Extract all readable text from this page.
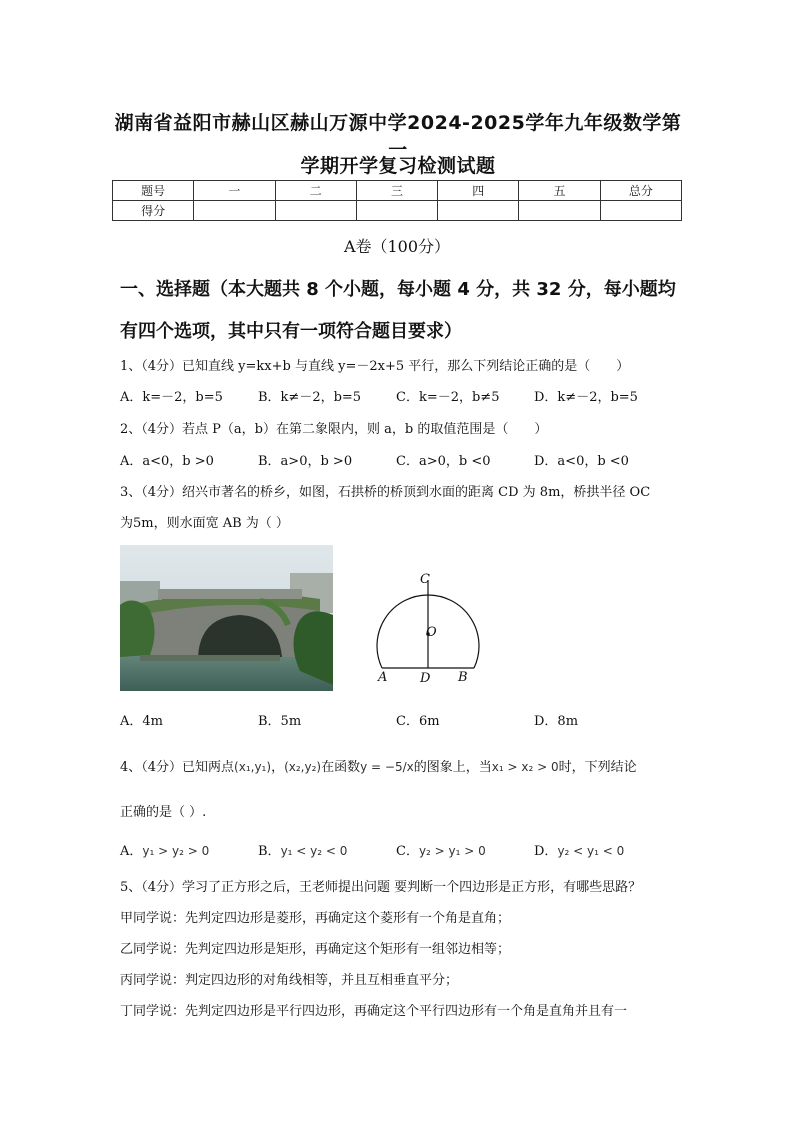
湖南省益阳市赫山区赫山万源中学2024-2025学年九年级数学第一
学期开学复习检测试题
题号	一	二	三	四	五	总分
得分						
A卷（100分）
一、选择题（本大题共 8 个小题，每小题 4 分，共 32 分，每小题均
有四个选项，其中只有一项符合题目要求）
1、（4分）已知直线 y=kx+b 与直线 y=－2x+5 平行，那么下列结论正确的是（　　）
A．k=－2，b=5	B．k≠－2，b=5	C．k=－2，b≠5	D．k≠－2，b=5
2、（4分）若点 P（a，b）在第二象限内，则 a，b 的取值范围是（　　）
A．a<0，b >0	B．a>0，b >0	C．a>0，b <0	D．a<0，b <0
3、（4分）绍兴市著名的桥乡，如图，石拱桥的桥顶到水面的距离 CD 为 8m，桥拱半径 OC
为5m，则水面宽 AB 为（ ）
C
O
A	D B
A．4m	B．5m	C．6m	D．8m
4、（4分）已知两点(x₁,y₁)，(x₂,y₂)在函数y = −5/x的图象上，当x₁ > x₂ > 0时，下列结论
正确的是（ ）.
A．y₁ > y₂ > 0	B．y₁ < y₂ < 0	C．y₂ > y₁ > 0	D．y₂ < y₁ < 0
5、（4分）学习了正方形之后，王老师提出问题 要判断一个四边形是正方形，有哪些思路？
甲同学说：先判定四边形是菱形，再确定这个菱形有一个角是直角；
乙同学说：先判定四边形是矩形，再确定这个矩形有一组邻边相等；
丙同学说：判定四边形的对角线相等，并且互相垂直平分；
丁同学说：先判定四边形是平行四边形，再确定这个平行四边形有一个角是直角并且有一
